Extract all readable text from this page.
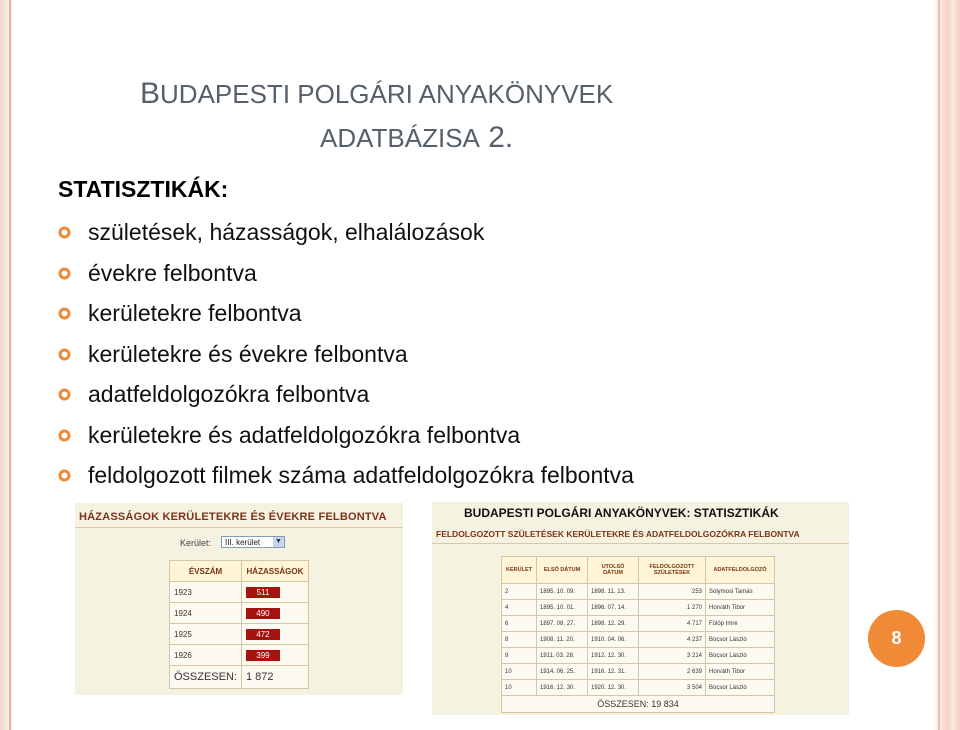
BUDAPESTI POLGÁRI ANYAKÖNYVEK
ADATBÁZISA 2.
STATISZTIKÁK:
születések, házasságok, elhalálozások
évekre felbontva
kerületekre felbontva
kerületekre és évekre felbontva
adatfeldolgozókra felbontva
kerületekre és adatfeldolgozókra felbontva
feldolgozott filmek száma adatfeldolgozókra felbontva
HÁZASSÁGOK KERÜLETEKRE ÉS ÉVEKRE FELBONTVA
Kerület:	III. kerület ▼
ÉVSZÁM	HÁZASSÁGOK
1923	511
1924	490
1925	472
1926	399
ÖSSZESEN:	1 872
BUDAPESTI POLGÁRI ANYAKÖNYVEK: STATISZTIKÁK
FELDOLGOZOTT SZÜLETÉSEK KERÜLETEKRE ÉS ADATFELDOLGOZÓKRA FELBONTVA
KERÜLET	ELSŐ DÁTUM	UTOLSÓ DÁTUM	FELDOLGOZOTT SZÜLETÉSEK	ADATFELDOLGOZÓ
2	1895. 10. 09.	1898. 11. 13.	253	Solymosi Tamás
4	1895. 10. 01.	1896. 07. 14.	1 270	Horváth Tibor
6	1897. 08. 27.	1898. 12. 29.	4 717	Fülöp Imre
8	1908. 11. 20.	1910. 04. 06.	4 237	Bocsor László
9	1911. 03. 28.	1912. 12. 30.	3 214	Bocsor László
10	1914. 06. 25.	1916. 12. 31.	2 639	Horváth Tibor
10	1916. 12. 30.	1920. 12. 30.	3 504	Bocsor László
ÖSSZESEN: 19 834				
8
